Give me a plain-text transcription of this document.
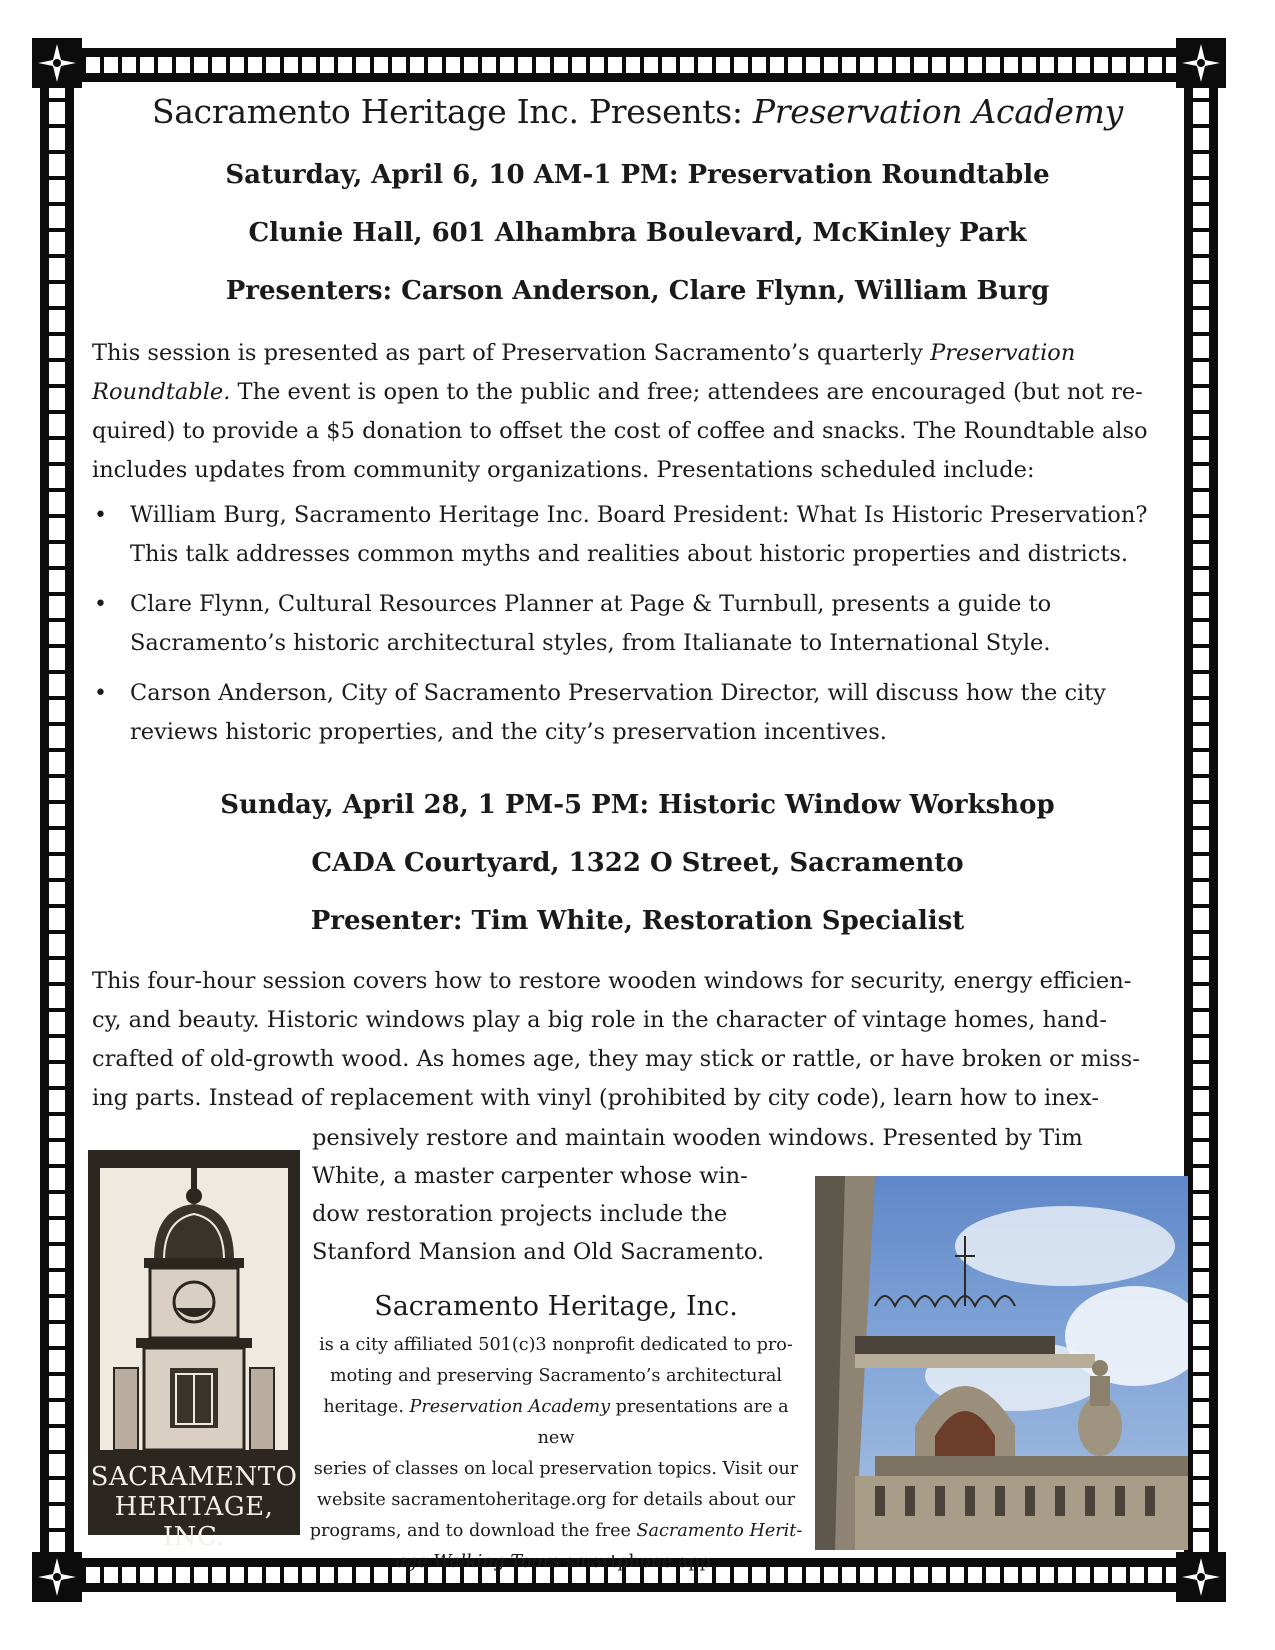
Sacramento Heritage Inc. Presents: Preservation Academy

Saturday, April 6, 10 AM-1 PM: Preservation Roundtable

Clunie Hall, 601 Alhambra Boulevard, McKinley Park

Presenters: Carson Anderson, Clare Flynn, William Burg

This session is presented as part of Preservation Sacramento’s quarterly Preservation
Roundtable. The event is open to the public and free; attendees are encouraged (but not re-
quired) to provide a $5 donation to offset the cost of coffee and snacks. The Roundtable also
includes updates from community organizations. Presentations scheduled include:
• William Burg, Sacramento Heritage Inc. Board President: What Is Historic Preservation?
This talk addresses common myths and realities about historic properties and districts.
• Clare Flynn, Cultural Resources Planner at Page & Turnbull, presents a guide to
Sacramento’s historic architectural styles, from Italianate to International Style.
• Carson Anderson, City of Sacramento Preservation Director, will discuss how the city
reviews historic properties, and the city’s preservation incentives.

Sunday, April 28, 1 PM-5 PM: Historic Window Workshop

CADA Courtyard, 1322 O Street, Sacramento

Presenter: Tim White, Restoration Specialist

This four-hour session covers how to restore wooden windows for security, energy efficien-
cy, and beauty. Historic windows play a big role in the character of vintage homes, hand-
crafted of old-growth wood. As homes age, they may stick or rattle, or have broken or miss-
ing parts. Instead of replacement with vinyl (prohibited by city code), learn how to inex-

pensively restore and maintain wooden windows. Presented by Tim

White, a master carpenter whose win-

dow restoration projects include the

Stanford Mansion and Old Sacramento.

Sacramento Heritage, Inc.

is a city affiliated 501(c)3 nonprofit dedicated to pro-
moting and preserving Sacramento’s architectural
heritage. Preservation Academy presentations are a new
series of classes on local preservation topics. Visit our
website sacramentoheritage.org for details about our
programs, and to download the free Sacramento Herit-
age Walking Tours smartphone app.
SACRAMENTO
HERITAGE, INC.
